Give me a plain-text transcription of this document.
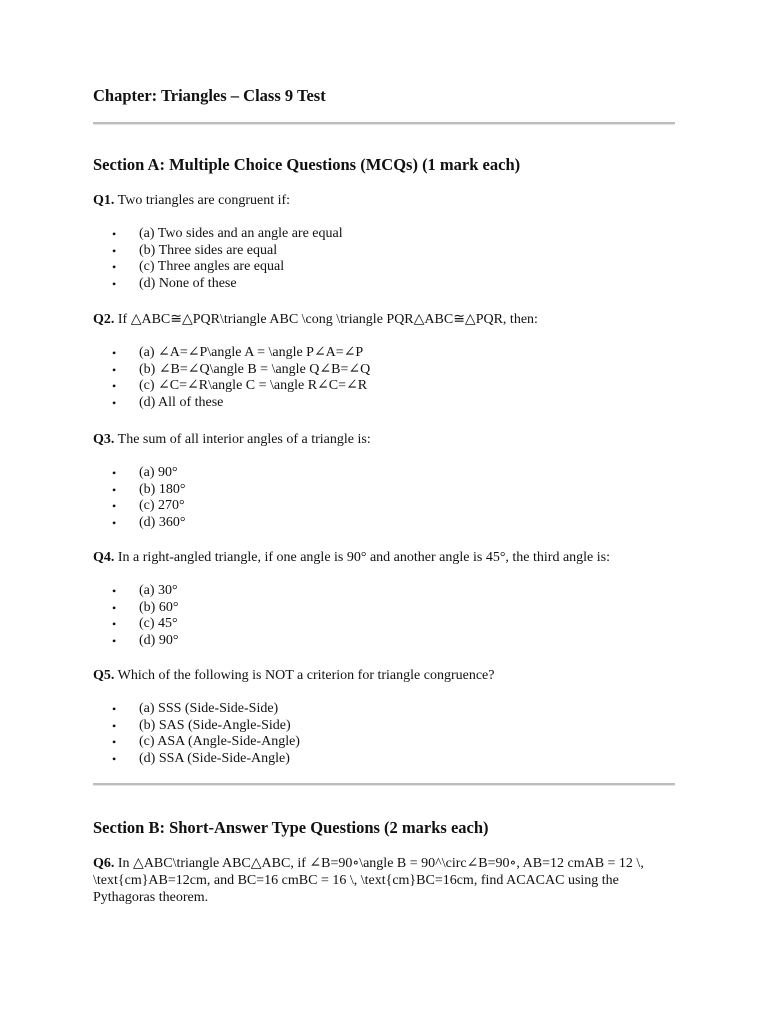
Chapter: Triangles – Class 9 Test
Section A: Multiple Choice Questions (MCQs) (1 mark each)

Q1. Two triangles are congruent if:

• (a) Two sides and an angle are equal
• (b) Three sides are equal
• (c) Three angles are equal
• (d) None of these

Q2. If △ABC≅△PQR\triangle ABC \cong \triangle PQR△ABC≅△PQR, then:

• (a) ∠A=∠P\angle A = \angle P∠A=∠P
• (b) ∠B=∠Q\angle B = \angle Q∠B=∠Q
• (c) ∠C=∠R\angle C = \angle R∠C=∠R
• (d) All of these

Q3. The sum of all interior angles of a triangle is:

• (a) 90°
• (b) 180°
• (c) 270°
• (d) 360°

Q4. In a right-angled triangle, if one angle is 90° and another angle is 45°, the third angle is:

• (a) 30°
• (b) 60°
• (c) 45°
• (d) 90°

Q5. Which of the following is NOT a criterion for triangle congruence?

• (a) SSS (Side-Side-Side)
• (b) SAS (Side-Angle-Side)
• (c) ASA (Angle-Side-Angle)
• (d) SSA (Side-Side-Angle)
Section B: Short-Answer Type Questions (2 marks each)

Q6. In △ABC\triangle ABC△ABC, if ∠B=90∘\angle B = 90^\circ∠B=90∘, AB=12 cmAB = 12 \, \text{cm}AB=12cm, and BC=16 cmBC = 16 \, \text{cm}BC=16cm, find ACACAC using the Pythagoras theorem.
